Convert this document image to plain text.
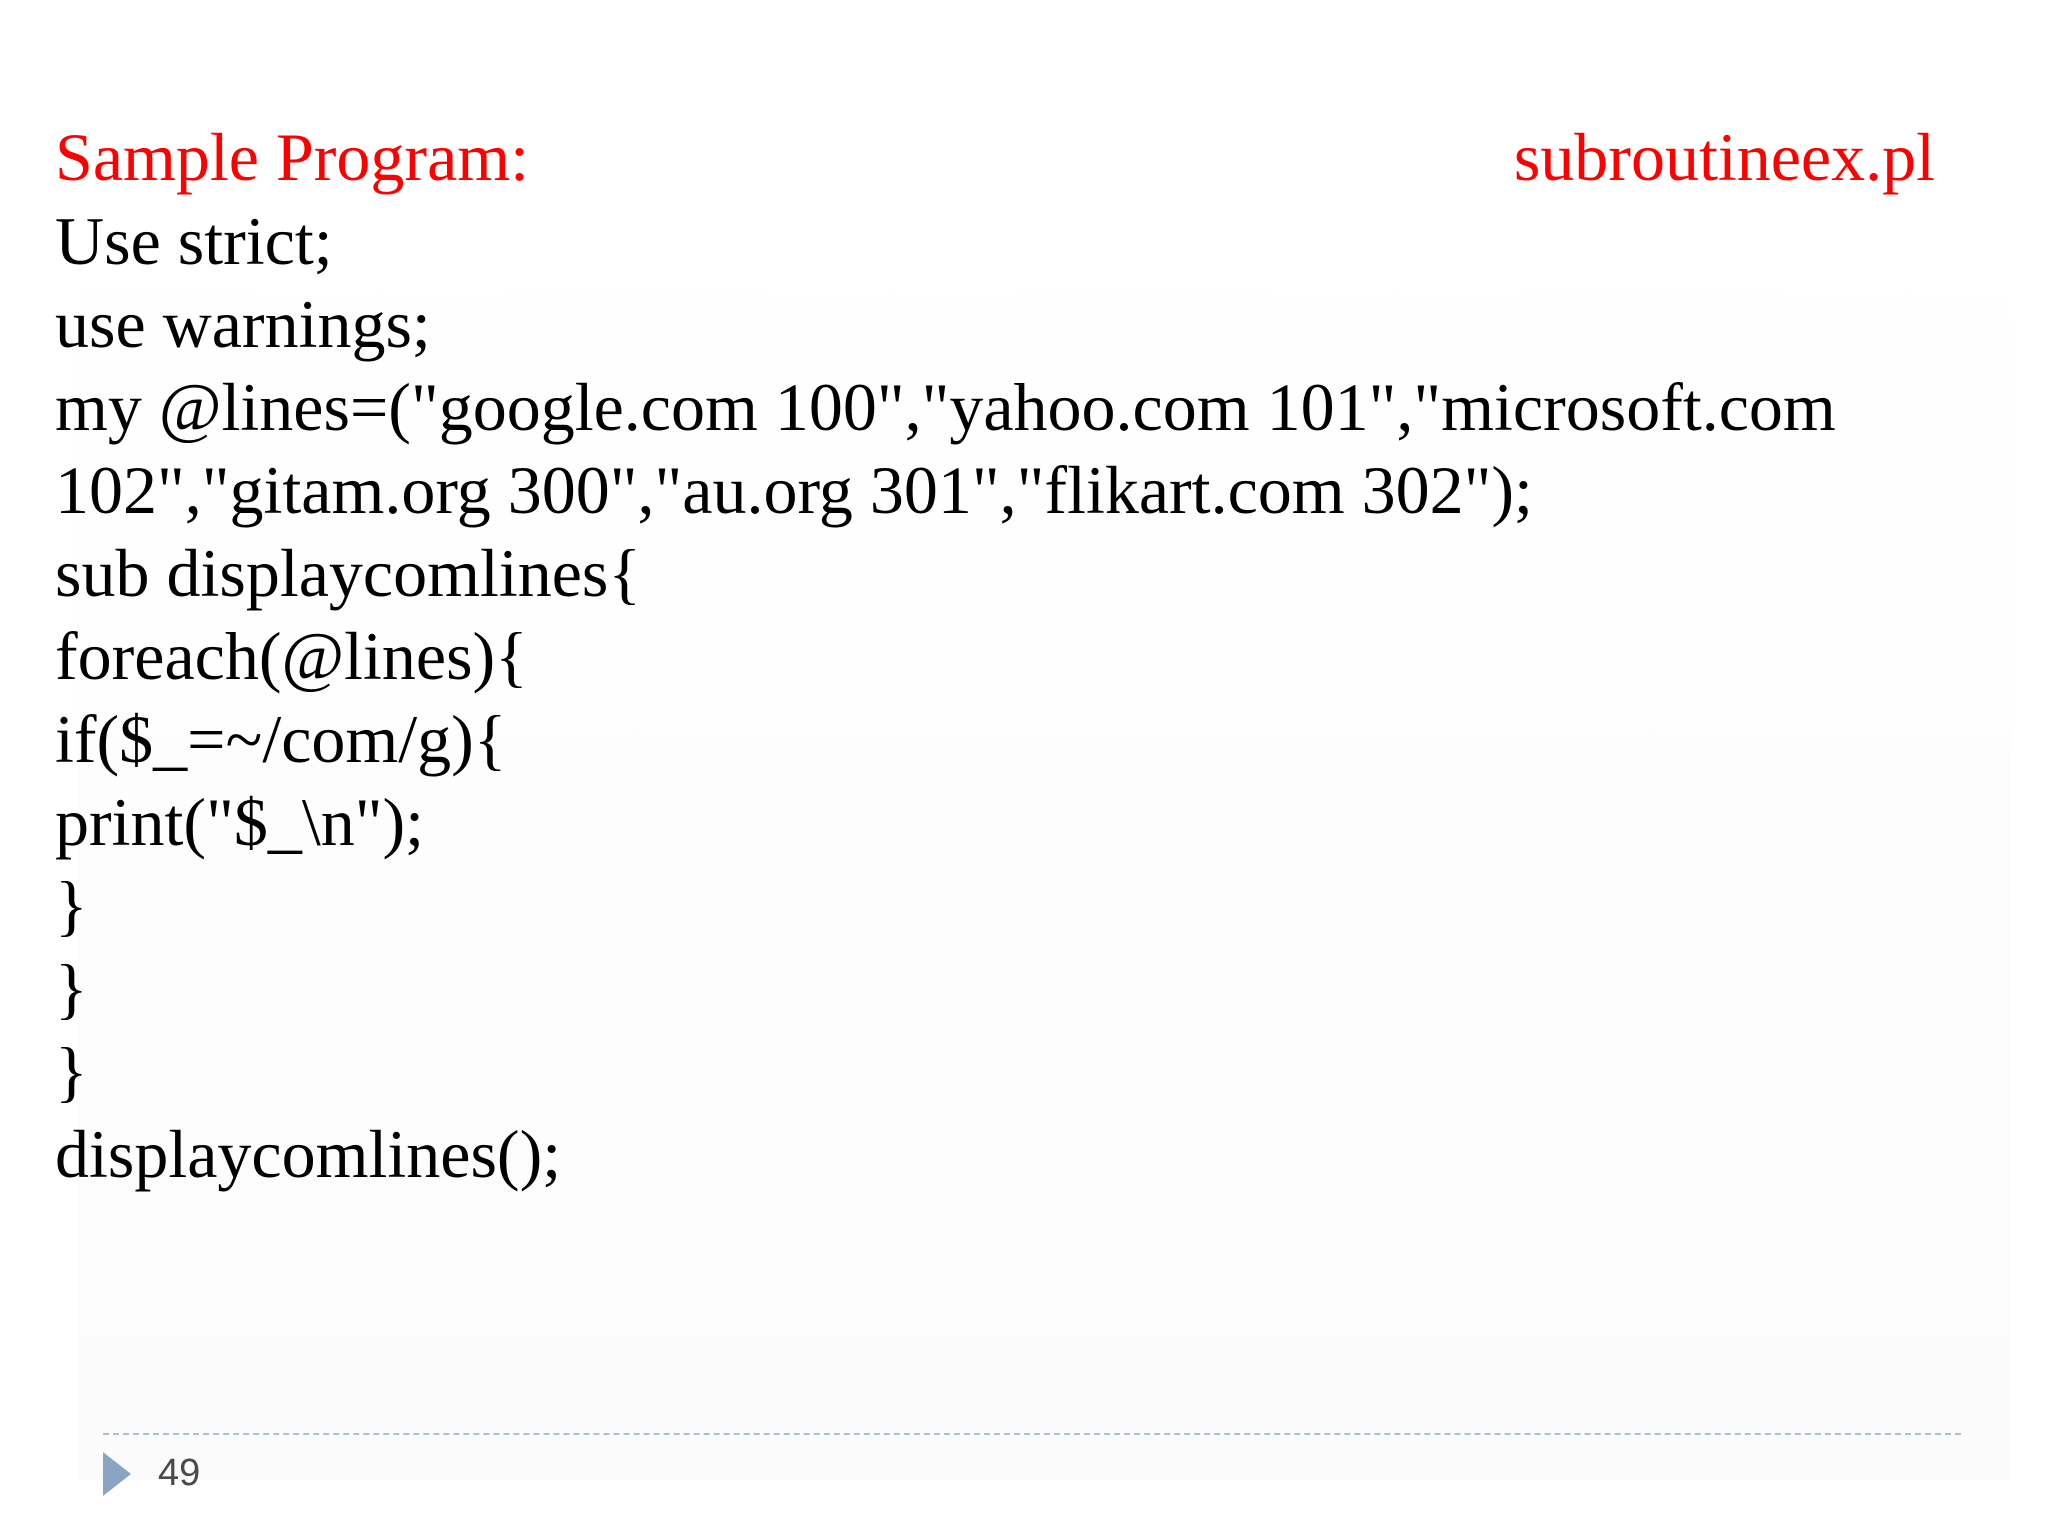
Sample Program:	subroutineex.pl
Use strict;
use warnings;
my @lines=("google.com 100","yahoo.com 101","microsoft.com
102","gitam.org 300","au.org 301","flikart.com 302");
sub displaycomlines{
foreach(@lines){
if($_=~/com/g){
print("$_\n");
}
}
}
displaycomlines();
49
